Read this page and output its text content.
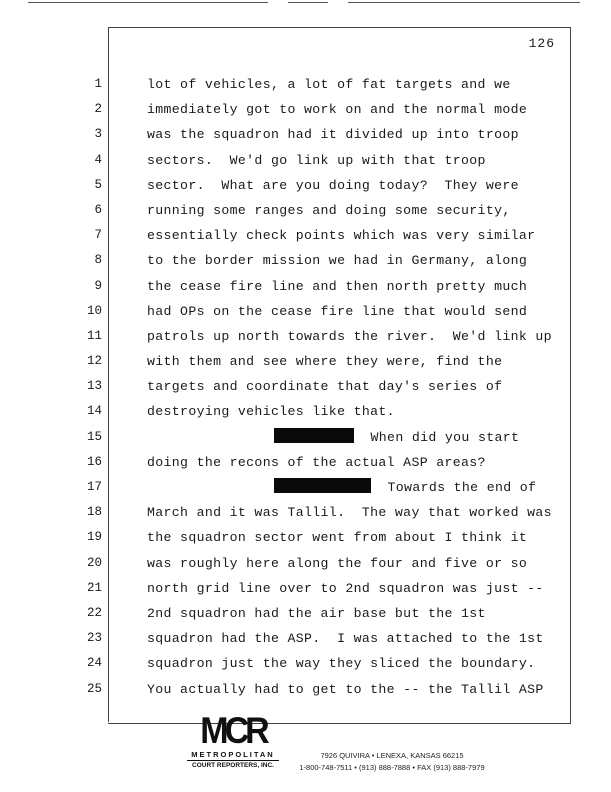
126
1
2
3
4
5
6
7
8
9
10
11
12
13
14
15
16
17
18
19
20
21
22
23
24
25
lot of vehicles, a lot of fat targets and we
immediately got to work on and the normal mode
was the squadron had it divided up into troop
sectors.  We'd go link up with that troop
sector.  What are you doing today?  They were
running some ranges and doing some security,
essentially check points which was very similar
to the border mission we had in Germany, along
the cease fire line and then north pretty much
had OPs on the cease fire line that would send
patrols up north towards the river.  We'd link up
with them and see where they were, find the
targets and coordinate that day's series of
destroying vehicles like that.
When did you start
doing the recons of the actual ASP areas?
Towards the end of
March and it was Tallil.  The way that worked was
the squadron sector went from about I think it
was roughly here along the four and five or so
north grid line over to 2nd squadron was just --
2nd squadron had the air base but the 1st
squadron had the ASP.  I was attached to the 1st
squadron just the way they sliced the boundary.
You actually had to get to the -- the Tallil ASP
MCR
METROPOLITAN
COURT REPORTERS, INC.
7926 QUIVIRA • LENEXA, KANSAS 66215
1-800-748-7511 • (913) 888-7888 • FAX (913) 888-7979
